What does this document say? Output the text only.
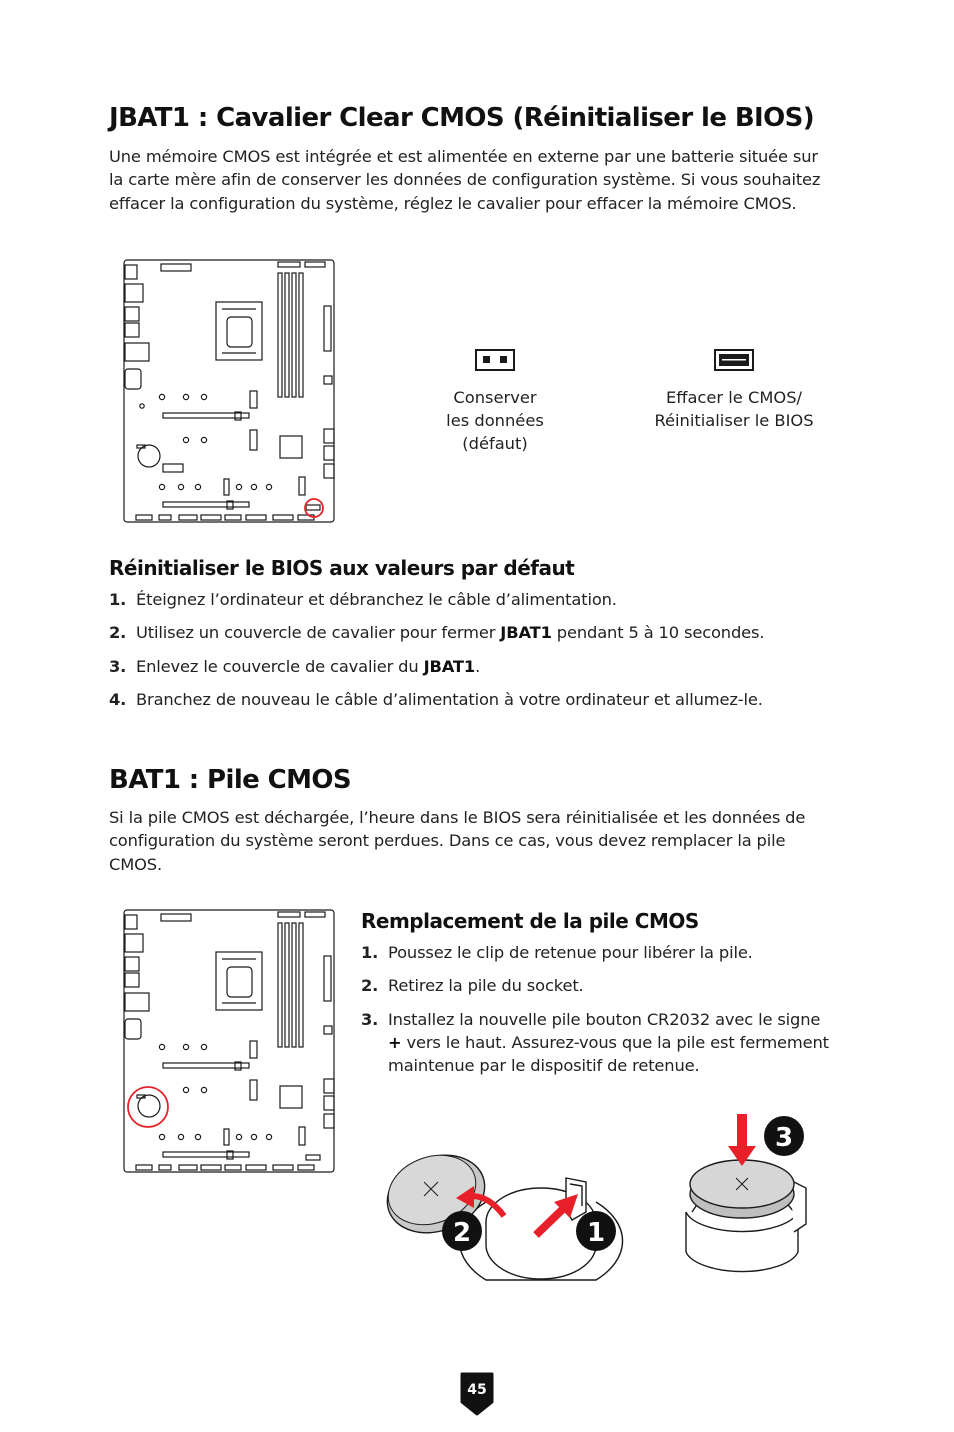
JBAT1 : Cavalier Clear CMOS (Réinitialiser le BIOS)

Une mémoire CMOS est intégrée et est alimentée en externe par une batterie située sur la carte mère afin de conserver les données de configuration système. Si vous souhaitez effacer la configuration du système, réglez le cavalier pour effacer la mémoire CMOS.

Conserver
les données
(défaut)
Effacer le CMOS/
Réinitialiser le BIOS
Réinitialiser le BIOS aux valeurs par défaut
1. Éteignez l’ordinateur et débranchez le câble d’alimentation.
2. Utilisez un couvercle de cavalier pour fermer JBAT1 pendant 5 à 10 secondes.
3. Enlevez le couvercle de cavalier du JBAT1.
4. Branchez de nouveau le câble d’alimentation à votre ordinateur et allumez-le.
BAT1 : Pile CMOS

Si la pile CMOS est déchargée, l’heure dans le BIOS sera réinitialisée et les données de configuration du système seront perdues. Dans ce cas, vous devez remplacer la pile CMOS.

Remplacement de la pile CMOS
1. Poussez le clip de retenue pour libérer la pile.
2. Retirez la pile du socket.
3. Installez la nouvelle pile bouton CR2032 avec le signe + vers le haut. Assurez-vous que la pile est fermement maintenue par le dispositif de retenue.
2	1
3
45
